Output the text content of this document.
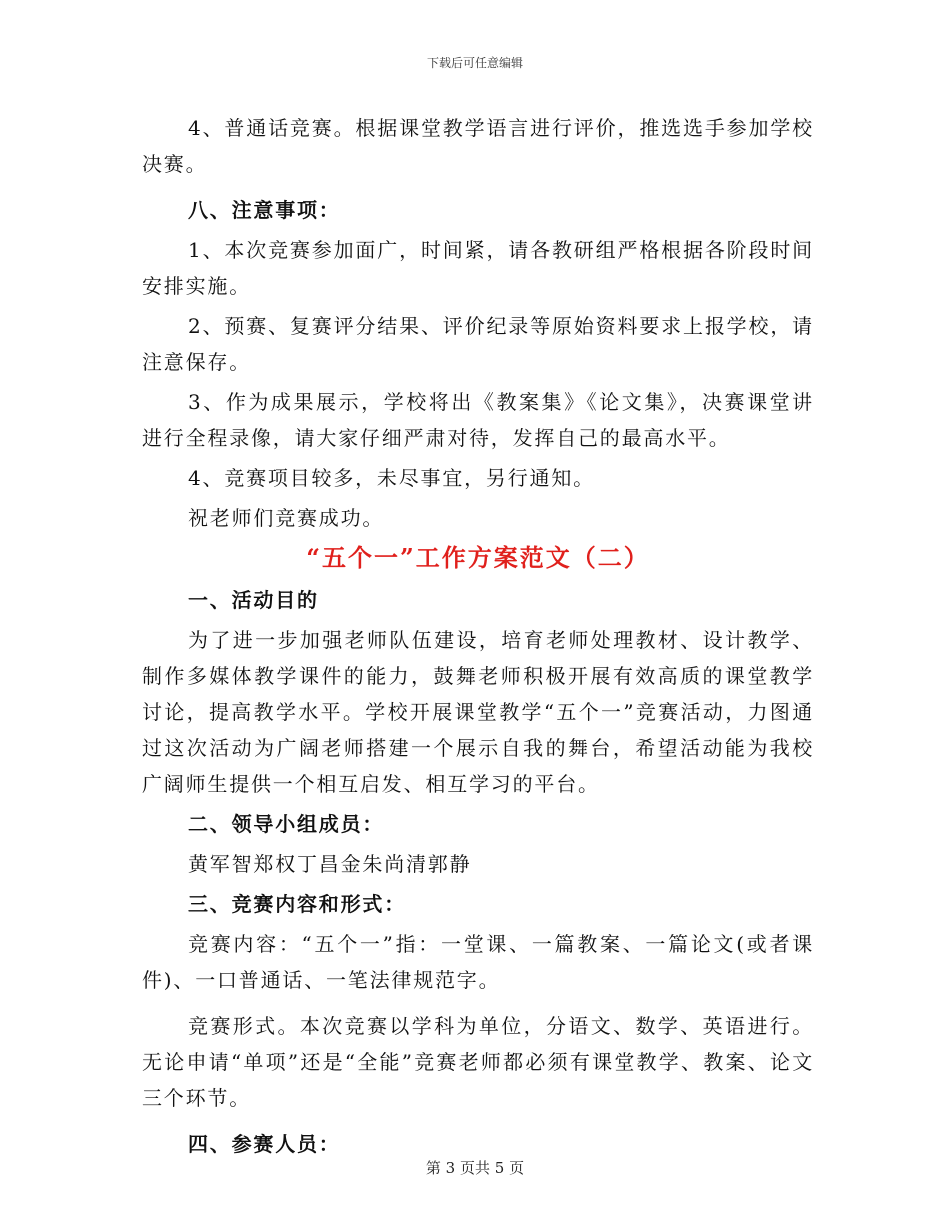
下载后可任意编辑

4、普通话竞赛。根据课堂教学语言进行评价，推选选手参加学校决赛。

八、注意事项：

1、本次竞赛参加面广，时间紧，请各教研组严格根据各阶段时间安排实施。

2、预赛、复赛评分结果、评价纪录等原始资料要求上报学校，请注意保存。

3、作为成果展示，学校将出《教案集》《论文集》，决赛课堂讲进行全程录像，请大家仔细严肃对待，发挥自己的最高水平。

4、竞赛项目较多，未尽事宜，另行通知。

祝老师们竞赛成功。

“五个一”工作方案范文（二）

一、活动目的

为了进一步加强老师队伍建设，培育老师处理教材、设计教学、制作多媒体教学课件的能力，鼓舞老师积极开展有效高质的课堂教学讨论，提高教学水平。学校开展课堂教学“五个一”竞赛活动，力图通过这次活动为广阔老师搭建一个展示自我的舞台，希望活动能为我校广阔师生提供一个相互启发、相互学习的平台。

二、领导小组成员：

黄军智郑权丁昌金朱尚清郭静

三、竞赛内容和形式：

竞赛内容：“五个一”指：一堂课、一篇教案、一篇论文(或者课件)、一口普通话、一笔法律规范字。

竞赛形式。本次竞赛以学科为单位，分语文、数学、英语进行。无论申请“单项”还是“全能”竞赛老师都必须有课堂教学、教案、论文三个环节。

四、参赛人员：

第 3 页共 5 页
